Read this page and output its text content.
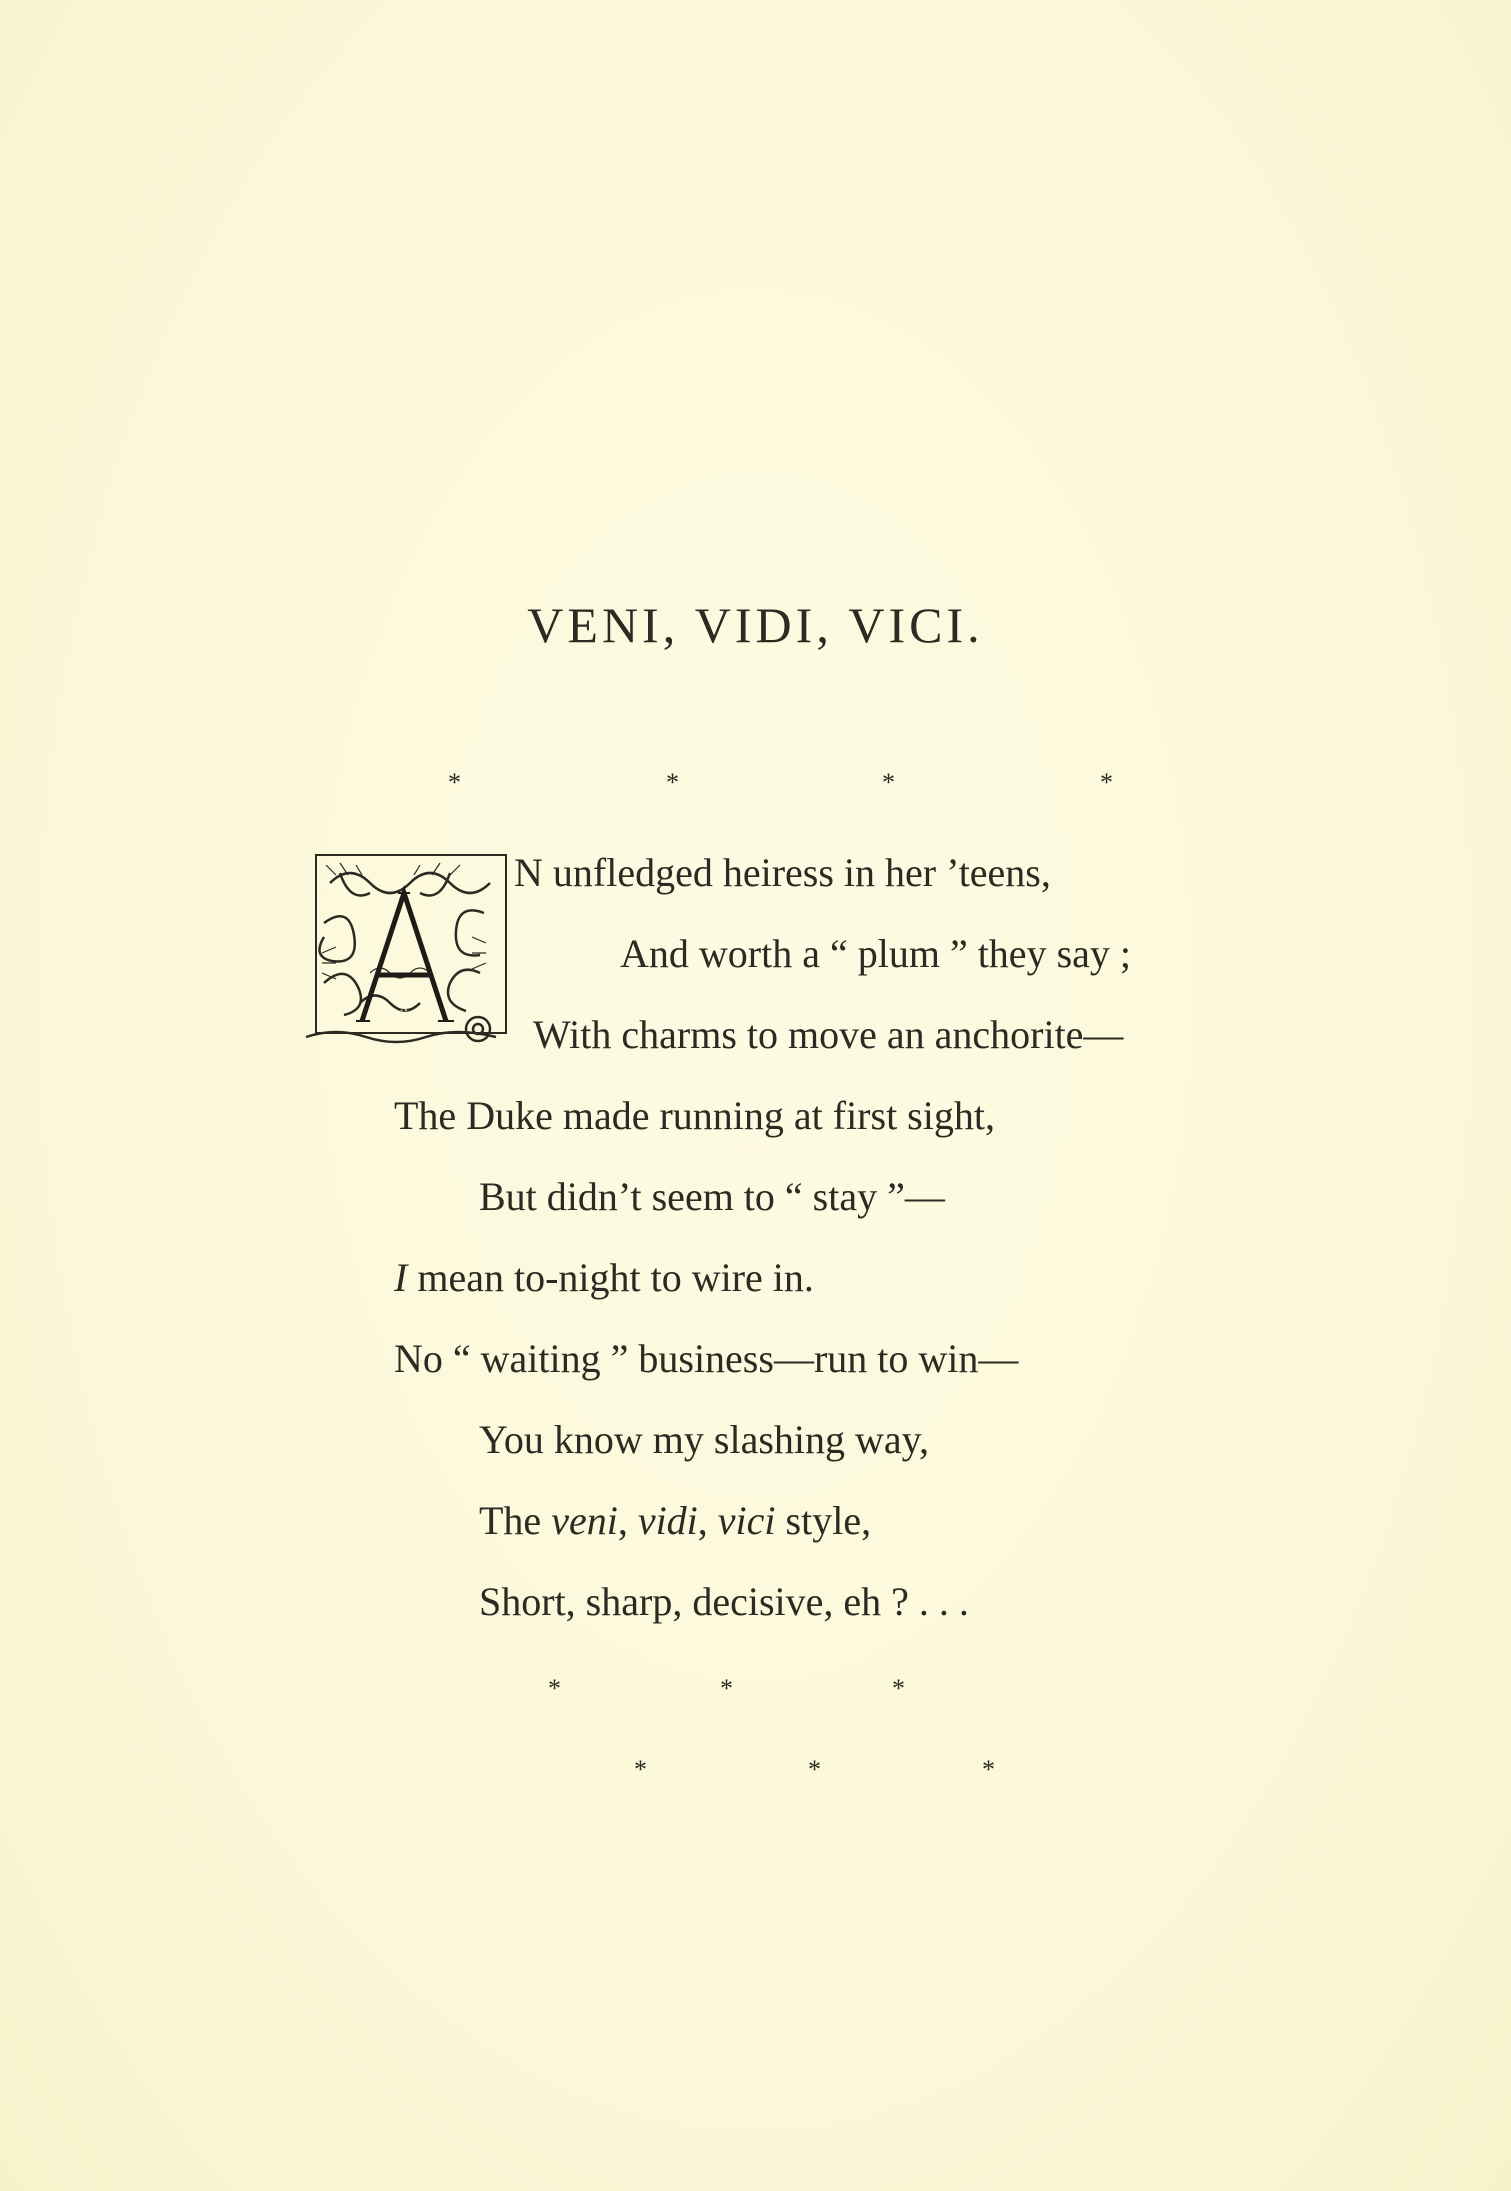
VENI, VIDI, VICI.
*	*	*	*
A
N unfledged heiress in her ’teens,
And worth a “ plum ” they say ;
With charms to move an anchorite—
The Duke made running at first sight,
But didn’t seem to “ stay ”—
I mean to-night to wire in.
No “ waiting ” business—run to win—
You know my slashing way,
The veni, vidi, vici style,
Short, sharp, decisive, eh ? . . .
*	*	*
*	*	*
